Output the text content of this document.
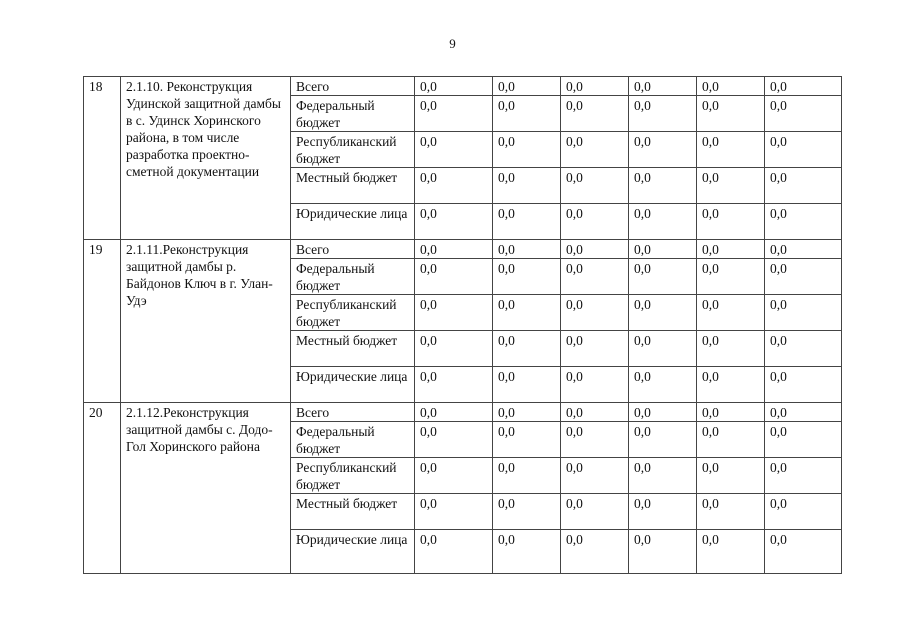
9
18	2.1.10. Реконструкция Удинской защитной дамбы в с. Удинск Хоринского района, в том числе разработка проектно-сметной документации	Всего	0,0	0,0	0,0	0,0	0,0	0,0
		Федеральный бюджет	0,0	0,0	0,0	0,0	0,0	0,0
		Республиканский бюджет	0,0	0,0	0,0	0,0	0,0	0,0
		Местный бюджет	0,0	0,0	0,0	0,0	0,0	0,0
		Юридические лица	0,0	0,0	0,0	0,0	0,0	0,0
19	2.1.11.Реконструкция защитной дамбы р. Байдонов Ключ в г. Улан-Удэ	Всего	0,0	0,0	0,0	0,0	0,0	0,0
		Федеральный бюджет	0,0	0,0	0,0	0,0	0,0	0,0
		Республиканский бюджет	0,0	0,0	0,0	0,0	0,0	0,0
		Местный бюджет	0,0	0,0	0,0	0,0	0,0	0,0
		Юридические лица	0,0	0,0	0,0	0,0	0,0	0,0
20	2.1.12.Реконструкция защитной дамбы с. Додо-Гол Хоринского района	Всего	0,0	0,0	0,0	0,0	0,0	0,0
		Федеральный бюджет	0,0	0,0	0,0	0,0	0,0	0,0
		Республиканский бюджет	0,0	0,0	0,0	0,0	0,0	0,0
		Местный бюджет	0,0	0,0	0,0	0,0	0,0	0,0
		Юридические лица	0,0	0,0	0,0	0,0	0,0	0,0
